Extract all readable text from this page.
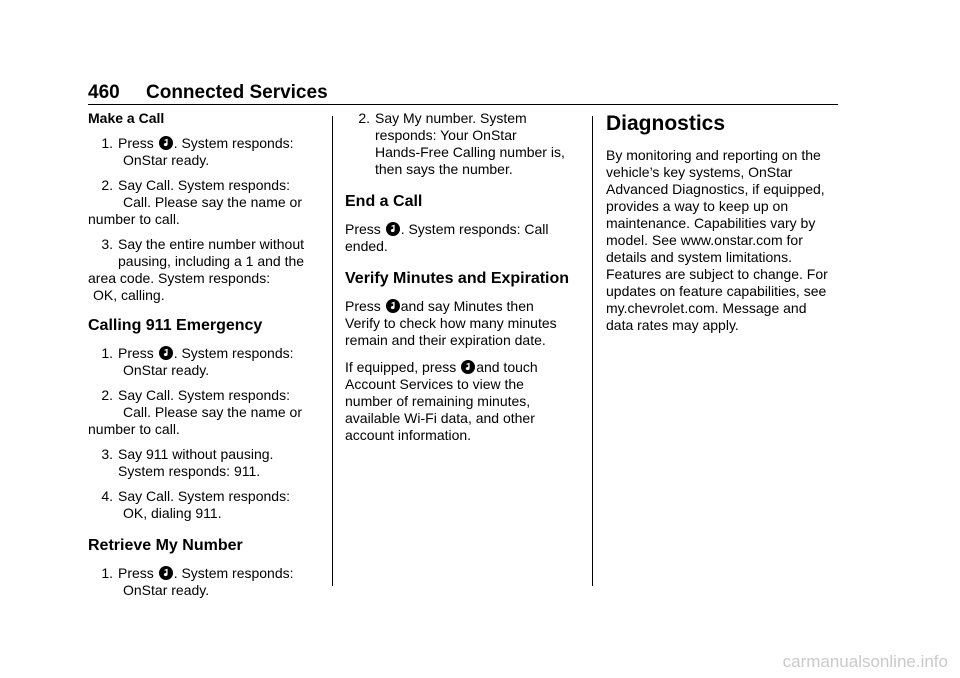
460 Connected Services
Make a Call
1. Press . System responds:
OnStar ready.
2. Say Call. System responds:
Call. Please say the name or
number to call.
3. Say the entire number without
pausing, including a 1 and the
area code. System responds:
OK, calling.
Calling 911 Emergency
1. Press . System responds:
OnStar ready.
2. Say Call. System responds:
Call. Please say the name or
number to call.
3. Say 911 without pausing.
System responds: 911.
4. Say Call. System responds:
OK, dialing 911.
Retrieve My Number
1. Press . System responds:
OnStar ready.
2. Say My number. System
responds: Your OnStar
Hands-Free Calling number is,
then says the number.
End a Call
Press . System responds: Call
ended.
Verify Minutes and Expiration
Press and say Minutes then
Verify to check how many minutes
remain and their expiration date.
If equipped, press and touch
Account Services to view the
number of remaining minutes,
available Wi-Fi data, and other
account information.
Diagnostics
By monitoring and reporting on the
vehicle’s key systems, OnStar
Advanced Diagnostics, if equipped,
provides a way to keep up on
maintenance. Capabilities vary by
model. See www.onstar.com for
details and system limitations.
Features are subject to change. For
updates on feature capabilities, see
my.chevrolet.com. Message and
data rates may apply.
carmanualsonline.info
